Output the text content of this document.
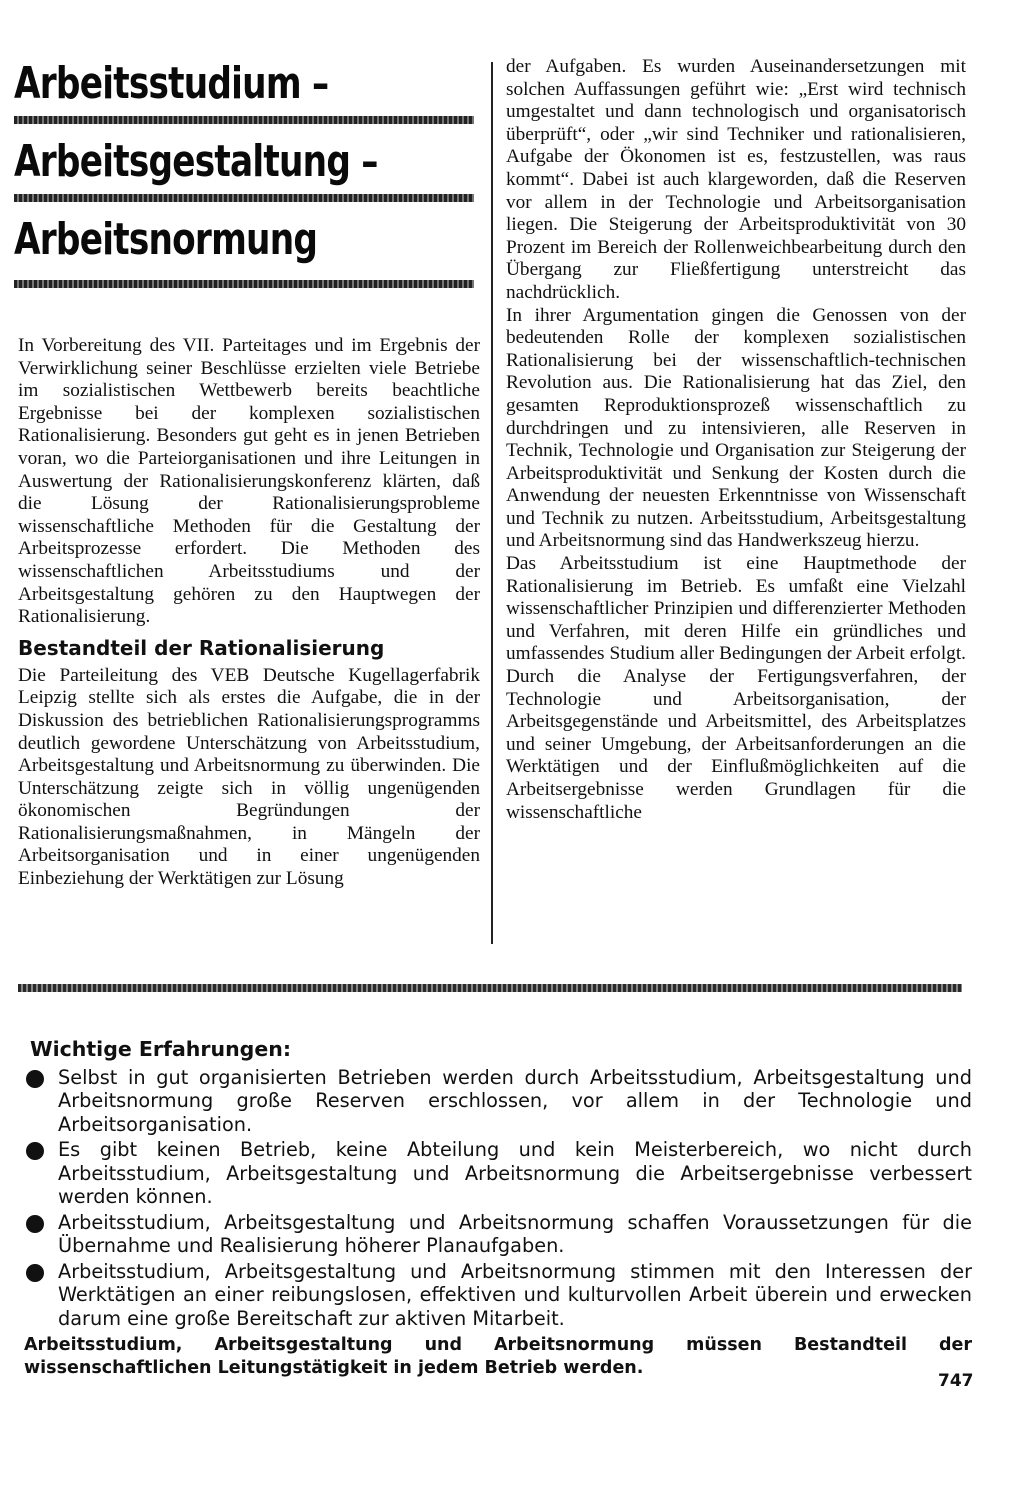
Arbeitsstudium –
Arbeitsgestaltung –
Arbeitsnormung

In Vorbereitung des VII. Parteitages und im Ergebnis der Verwirklichung seiner Beschlüsse erzielten viele Betriebe im sozialistischen Wettbewerb bereits beachtliche Ergebnisse bei der komplexen sozialistischen Rationalisierung. Besonders gut geht es in jenen Betrieben voran, wo die Parteiorganisationen und ihre Leitungen in Auswertung der Rationalisierungskonferenz klärten, daß die Lösung der Rationalisierungsprobleme wissenschaftliche Methoden für die Gestaltung der Arbeitsprozesse erfordert. Die Methoden des wissenschaftlichen Arbeitsstudiums und der Arbeitsgestaltung gehören zu den Hauptwegen der Rationalisierung.

Bestandteil der Rationalisierung

Die Parteileitung des VEB Deutsche Kugellagerfabrik Leipzig stellte sich als erstes die Aufgabe, die in der Diskussion des betrieblichen Rationalisierungsprogramms deutlich gewordene Unterschätzung von Arbeitsstudium, Arbeitsgestaltung und Arbeitsnormung zu überwinden. Die Unterschätzung zeigte sich in völlig ungenügenden ökonomischen Begründungen der Rationalisierungsmaßnahmen, in Mängeln der Arbeitsorganisation und in einer ungenügenden Einbeziehung der Werktätigen zur Lösung

der Aufgaben. Es wurden Auseinandersetzungen mit solchen Auffassungen geführt wie: „Erst wird technisch umgestaltet und dann technologisch und organisatorisch überprüft“, oder „wir sind Techniker und rationalisieren, Aufgabe der Ökonomen ist es, festzustellen, was raus kommt“. Dabei ist auch klargeworden, daß die Reserven vor allem in der Technologie und Arbeitsorganisation liegen. Die Steigerung der Arbeitsproduktivität von 30 Prozent im Bereich der Rollenweichbearbeitung durch den Übergang zur Fließfertigung unterstreicht das nachdrücklich.

In ihrer Argumentation gingen die Genossen von der bedeutenden Rolle der komplexen sozialistischen Rationalisierung bei der wissenschaftlich-technischen Revolution aus. Die Rationalisierung hat das Ziel, den gesamten Reproduktionsprozeß wissenschaftlich zu durchdringen und zu intensivieren, alle Reserven in Technik, Technologie und Organisation zur Steigerung der Arbeitsproduktivität und Senkung der Kosten durch die Anwendung der neuesten Erkenntnisse von Wissenschaft und Technik zu nutzen. Arbeitsstudium, Arbeitsgestaltung und Arbeitsnormung sind das Handwerkszeug hierzu.

Das Arbeitsstudium ist eine Hauptmethode der Rationalisierung im Betrieb. Es umfaßt eine Vielzahl wissenschaftlicher Prinzipien und differenzierter Methoden und Verfahren, mit deren Hilfe ein gründliches und umfassendes Studium aller Bedingungen der Arbeit erfolgt. Durch die Analyse der Fertigungsverfahren, der Technologie und Arbeitsorganisation, der Arbeitsgegenstände und Arbeitsmittel, des Arbeitsplatzes und seiner Umgebung, der Arbeitsanforderungen an die Werktätigen und der Einflußmöglichkeiten auf die Arbeitsergebnisse werden Grundlagen für die wissenschaftliche

Wichtige Erfahrungen:
Selbst in gut organisierten Betrieben werden durch Arbeitsstudium, Arbeitsgestaltung und Arbeitsnormung große Reserven erschlossen, vor allem in der Technologie und Arbeitsorganisation.
Es gibt keinen Betrieb, keine Abteilung und kein Meisterbereich, wo nicht durch Arbeitsstudium, Arbeitsgestaltung und Arbeitsnormung die Arbeitsergebnisse verbessert werden können.
Arbeitsstudium, Arbeitsgestaltung und Arbeitsnormung schaffen Voraussetzungen für die Übernahme und Realisierung höherer Planaufgaben.
Arbeitsstudium, Arbeitsgestaltung und Arbeitsnormung stimmen mit den Interessen der Werktätigen an einer reibungslosen, effektiven und kulturvollen Arbeit überein und erwecken darum eine große Bereitschaft zur aktiven Mitarbeit.
Arbeitsstudium, Arbeitsgestaltung und Arbeitsnormung müssen Bestandteil der wissenschaftlichen Leitungstätigkeit in jedem Betrieb werden.
747
